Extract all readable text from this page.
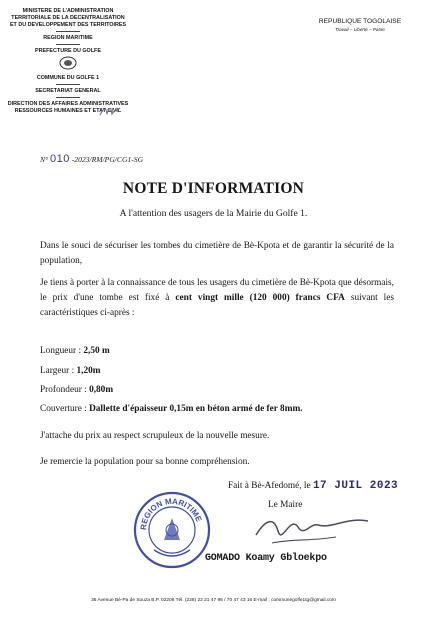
MINISTERE DE L'ADMINISTRATION
TERRITORIALE DE LA DECENTRALISATION
ET DU DEVELOPPEMENT DES TERRITOIRES
REGION MARITIME
PREFECTURE DU GOLFE
COMMUNE DU GOLFE 1
SECRETARIAT GENERAL
DIRECTION DES AFFAIRES ADMINISTRATIVES
RESSOURCES HUMAINES ET ETAT CIVIL
REPUBLIQUE TOGOLAISE
Travail – Liberté – Patrie
N° 010 -2023/RM/PG/CG1-SG
NOTE D'INFORMATION
A l'attention des usagers de la Mairie du Golfe 1.
Dans le souci de sécuriser les tombes du cimetière de Bè-Kpota et de garantir la sécurité de la population,
Je tiens à porter à la connaissance de tous les usagers du cimetière de Bè-Kpota que désormais, le prix d'une tombe est fixé à cent vingt mille (120 000) francs CFA suivant les caractéristiques ci-après :
Longueur : 2,50 m
Largeur : 1,20m
Profondeur : 0,80m
Couverture : Dallette d'épaisseur 0,15m en béton armé de fer 8mm.
J'attache du prix au respect scrupuleux de la nouvelle mesure.
Je remercie la population pour sa bonne compréhension.
Fait à Bè-Afedomé, le 17 JUIL 2023
Le Maire
REGION MARITIME
GOMADO Koamy Gbloekpo
36 Avenue Bè-Pa de Souza B.P. 02206 Tél. (228) 22 21 47 96 / 70 47 43 16 E-mail : communegolfe1tg@gmail.com
